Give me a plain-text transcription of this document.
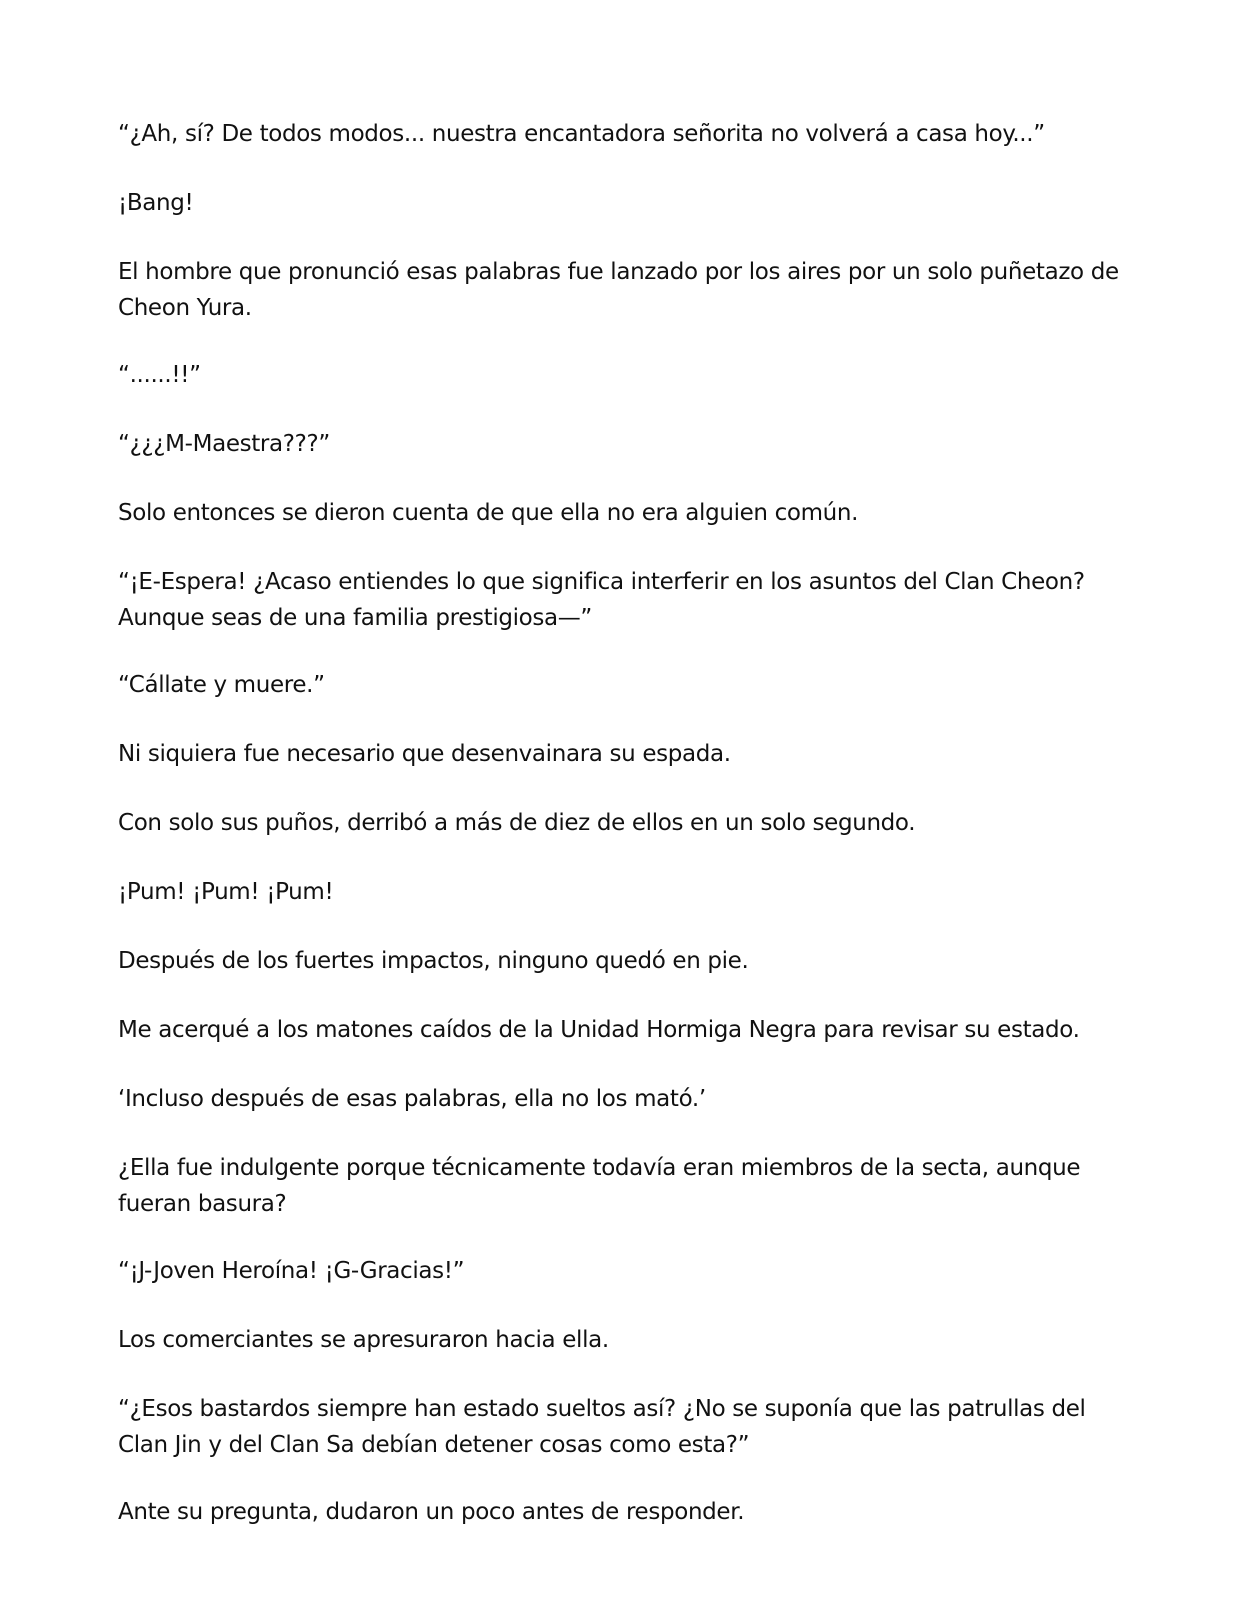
“¿Ah, sí? De todos modos... nuestra encantadora señorita no volverá a casa hoy...”

¡Bang!

El hombre que pronunció esas palabras fue lanzado por los aires por un solo puñetazo de Cheon Yura.

“......!!”

“¿¿¿M-Maestra???”

Solo entonces se dieron cuenta de que ella no era alguien común.

“¡E-Espera! ¿Acaso entiendes lo que significa interferir en los asuntos del Clan Cheon? Aunque seas de una familia prestigiosa—”

“Cállate y muere.”

Ni siquiera fue necesario que desenvainara su espada.

Con solo sus puños, derribó a más de diez de ellos en un solo segundo.

¡Pum! ¡Pum! ¡Pum!

Después de los fuertes impactos, ninguno quedó en pie.

Me acerqué a los matones caídos de la Unidad Hormiga Negra para revisar su estado.

‘Incluso después de esas palabras, ella no los mató.’

¿Ella fue indulgente porque técnicamente todavía eran miembros de la secta, aunque fueran basura?

“¡J-Joven Heroína! ¡G-Gracias!”

Los comerciantes se apresuraron hacia ella.

“¿Esos bastardos siempre han estado sueltos así? ¿No se suponía que las patrullas del Clan Jin y del Clan Sa debían detener cosas como esta?”

Ante su pregunta, dudaron un poco antes de responder.
